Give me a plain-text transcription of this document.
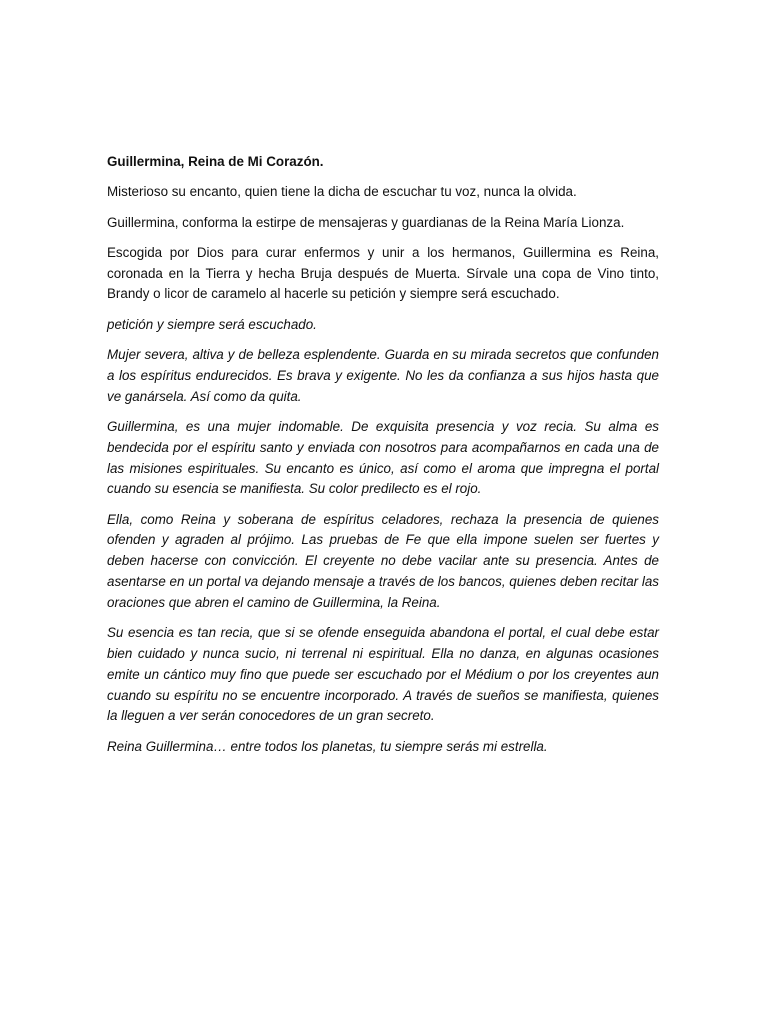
Guillermina, Reina de Mi Corazón.

Misterioso su encanto, quien tiene la dicha de escuchar tu voz, nunca la olvida.

Guillermina, conforma la estirpe de mensajeras y guardianas de la Reina María Lionza.

Escogida por Dios para curar enfermos y unir a los hermanos, Guillermina es Reina, coronada en la Tierra y hecha Bruja después de Muerta. Sírvale una copa de Vino tinto, Brandy o licor de caramelo al hacerle su petición y siempre será escuchado.

petición y siempre será escuchado.

Mujer severa, altiva y de belleza esplendente. Guarda en su mirada secretos que confunden a los espíritus endurecidos. Es brava y exigente. No les da confianza a sus hijos hasta que ve ganársela. Así como da quita.

Guillermina, es una mujer indomable. De exquisita presencia y voz recia. Su alma es bendecida por el espíritu santo y enviada con nosotros para acompañarnos en cada una de las misiones espirituales. Su encanto es único, así como el aroma que impregna el portal cuando su esencia se manifiesta. Su color predilecto es el rojo.

Ella, como Reina y soberana de espíritus celadores, rechaza la presencia de quienes ofenden y agraden al prójimo. Las pruebas de Fe que ella impone suelen ser fuertes y deben hacerse con convicción. El creyente no debe vacilar ante su presencia. Antes de asentarse en un portal va dejando mensaje a través de los bancos, quienes deben recitar las oraciones que abren el camino de Guillermina, la Reina.

Su esencia es tan recia, que si se ofende enseguida abandona el portal, el cual debe estar bien cuidado y nunca sucio, ni terrenal ni espiritual. Ella no danza, en algunas ocasiones emite un cántico muy fino que puede ser escuchado por el Médium o por los creyentes aun cuando su espíritu no se encuentre incorporado. A través de sueños se manifiesta, quienes la lleguen a ver serán conocedores de un gran secreto.

Reina Guillermina… entre todos los planetas, tu siempre serás mi estrella.
